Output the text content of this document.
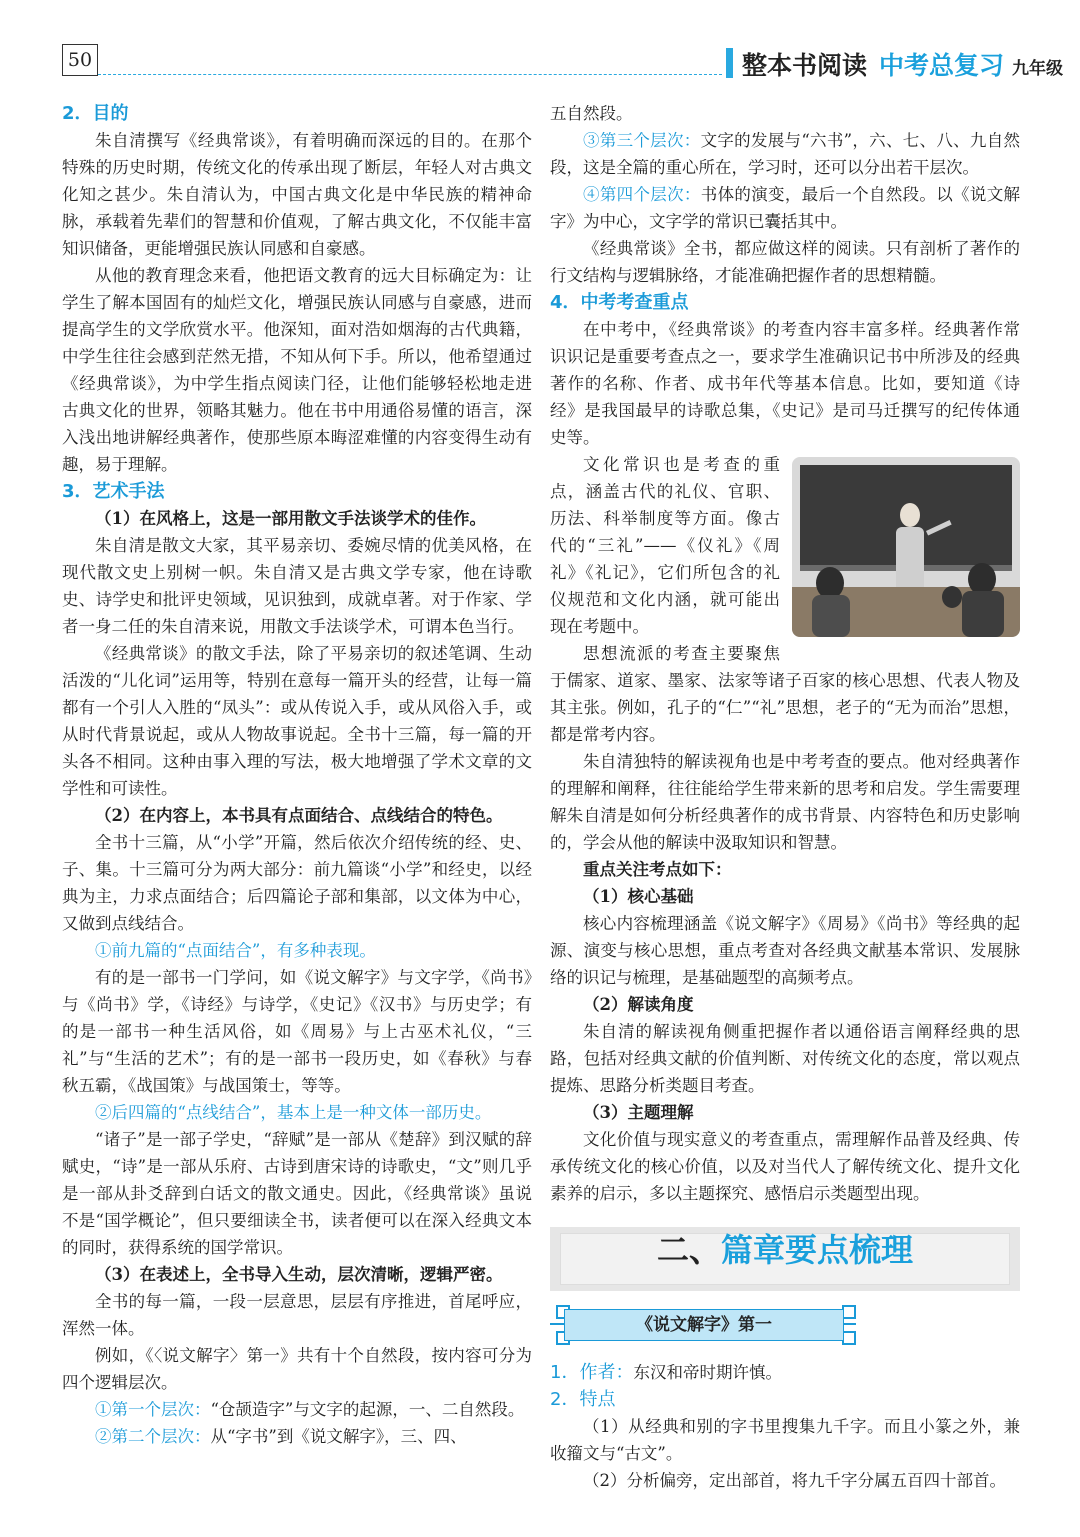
50	整本书阅读 中考总复习 九年级

2．目的

朱自清撰写《经典常谈》，有着明确而深远的目的。在那个特殊的历史时期，传统文化的传承出现了断层，年轻人对古典文化知之甚少。朱自清认为，中国古典文化是中华民族的精神命脉，承载着先辈们的智慧和价值观，了解古典文化，不仅能丰富知识储备，更能增强民族认同感和自豪感。

从他的教育理念来看，他把语文教育的远大目标确定为：让学生了解本国固有的灿烂文化，增强民族认同感与自豪感，进而提高学生的文学欣赏水平。他深知，面对浩如烟海的古代典籍，中学生往往会感到茫然无措，不知从何下手。所以，他希望通过《经典常谈》，为中学生指点阅读门径，让他们能够轻松地走进古典文化的世界，领略其魅力。他在书中用通俗易懂的语言，深入浅出地讲解经典著作，使那些原本晦涩难懂的内容变得生动有趣，易于理解。

3．艺术手法

（1）在风格上，这是一部用散文手法谈学术的佳作。

朱自清是散文大家，其平易亲切、委婉尽情的优美风格，在现代散文史上别树一帜。朱自清又是古典文学专家，他在诗歌史、诗学史和批评史领域，见识独到，成就卓著。对于作家、学者一身二任的朱自清来说，用散文手法谈学术，可谓本色当行。

《经典常谈》的散文手法，除了平易亲切的叙述笔调、生动活泼的“儿化词”运用等，特别在意每一篇开头的经营，让每一篇都有一个引人入胜的“凤头”：或从传说入手，或从风俗入手，或从时代背景说起，或从人物故事说起。全书十三篇，每一篇的开头各不相同。这种由事入理的写法，极大地增强了学术文章的文学性和可读性。

（2）在内容上，本书具有点面结合、点线结合的特色。

全书十三篇，从“小学”开篇，然后依次介绍传统的经、史、子、集。十三篇可分为两大部分：前九篇谈“小学”和经史，以经典为主，力求点面结合；后四篇论子部和集部，以文体为中心，又做到点线结合。

①前九篇的“点面结合”，有多种表现。

有的是一部书一门学问，如《说文解字》与文字学，《尚书》与《尚书》学，《诗经》与诗学，《史记》《汉书》与历史学；有的是一部书一种生活风俗，如《周易》与上古巫术礼仪，“三礼”与“生活的艺术”；有的是一部书一段历史，如《春秋》与春秋五霸，《战国策》与战国策士，等等。

②后四篇的“点线结合”，基本上是一种文体一部历史。

“诸子”是一部子学史，“辞赋”是一部从《楚辞》到汉赋的辞赋史，“诗”是一部从乐府、古诗到唐宋诗的诗歌史，“文”则几乎是一部从卦爻辞到白话文的散文通史。因此，《经典常谈》虽说不是“国学概论”，但只要细读全书，读者便可以在深入经典文本的同时，获得系统的国学常识。

（3）在表述上，全书导入生动，层次清晰，逻辑严密。

全书的每一篇，一段一层意思，层层有序推进，首尾呼应，浑然一体。

例如，《〈说文解字〉第一》共有十个自然段，按内容可分为四个逻辑层次。

①第一个层次：“仓颉造字”与文字的起源，一、二自然段。

②第二个层次：从“字书”到《说文解字》，三、四、

五自然段。

③第三个层次：文字的发展与“六书”，六、七、八、九自然段，这是全篇的重心所在，学习时，还可以分出若干层次。

④第四个层次：书体的演变，最后一个自然段。以《说文解字》为中心，文字学的常识已囊括其中。

《经典常谈》全书，都应做这样的阅读。只有剖析了著作的行文结构与逻辑脉络，才能准确把握作者的思想精髓。

4．中考考查重点

在中考中，《经典常谈》的考查内容丰富多样。经典著作常识识记是重要考查点之一，要求学生准确识记书中所涉及的经典著作的名称、作者、成书年代等基本信息。比如，要知道《诗经》是我国最早的诗歌总集，《史记》是司马迁撰写的纪传体通史等。

文化常识也是考查的重点，涵盖古代的礼仪、官职、历法、科举制度等方面。像古代的“三礼”——《仪礼》《周礼》《礼记》，它们所包含的礼仪规范和文化内涵，就可能出现在考题中。

思想流派的考查主要聚焦于儒家、道家、墨家、法家等诸子百家的核心思想、代表人物及其主张。例如，孔子的“仁”“礼”思想，老子的“无为而治”思想，都是常考内容。

朱自清独特的解读视角也是中考考查的要点。他对经典著作的理解和阐释，往往能给学生带来新的思考和启发。学生需要理解朱自清是如何分析经典著作的成书背景、内容特色和历史影响的，学会从他的解读中汲取知识和智慧。

重点关注考点如下：

（1）核心基础

核心内容梳理涵盖《说文解字》《周易》《尚书》等经典的起源、演变与核心思想，重点考查对各经典文献基本常识、发展脉络的识记与梳理，是基础题型的高频考点。

（2）解读角度

朱自清的解读视角侧重把握作者以通俗语言阐释经典的思路，包括对经典文献的价值判断、对传统文化的态度，常以观点提炼、思路分析类题目考查。

（3）主题理解

文化价值与现实意义的考查重点，需理解作品普及经典、传承传统文化的核心价值，以及对当代人了解传统文化、提升文化素养的启示，多以主题探究、感悟启示类题型出现。

二、篇章要点梳理
《说文解字》第一

1．作者：东汉和帝时期许慎。

2．特点

（1）从经典和别的字书里搜集九千字。而且小篆之外，兼收籀文与“古文”。

（2）分析偏旁，定出部首，将九千字分属五百四十部首。
